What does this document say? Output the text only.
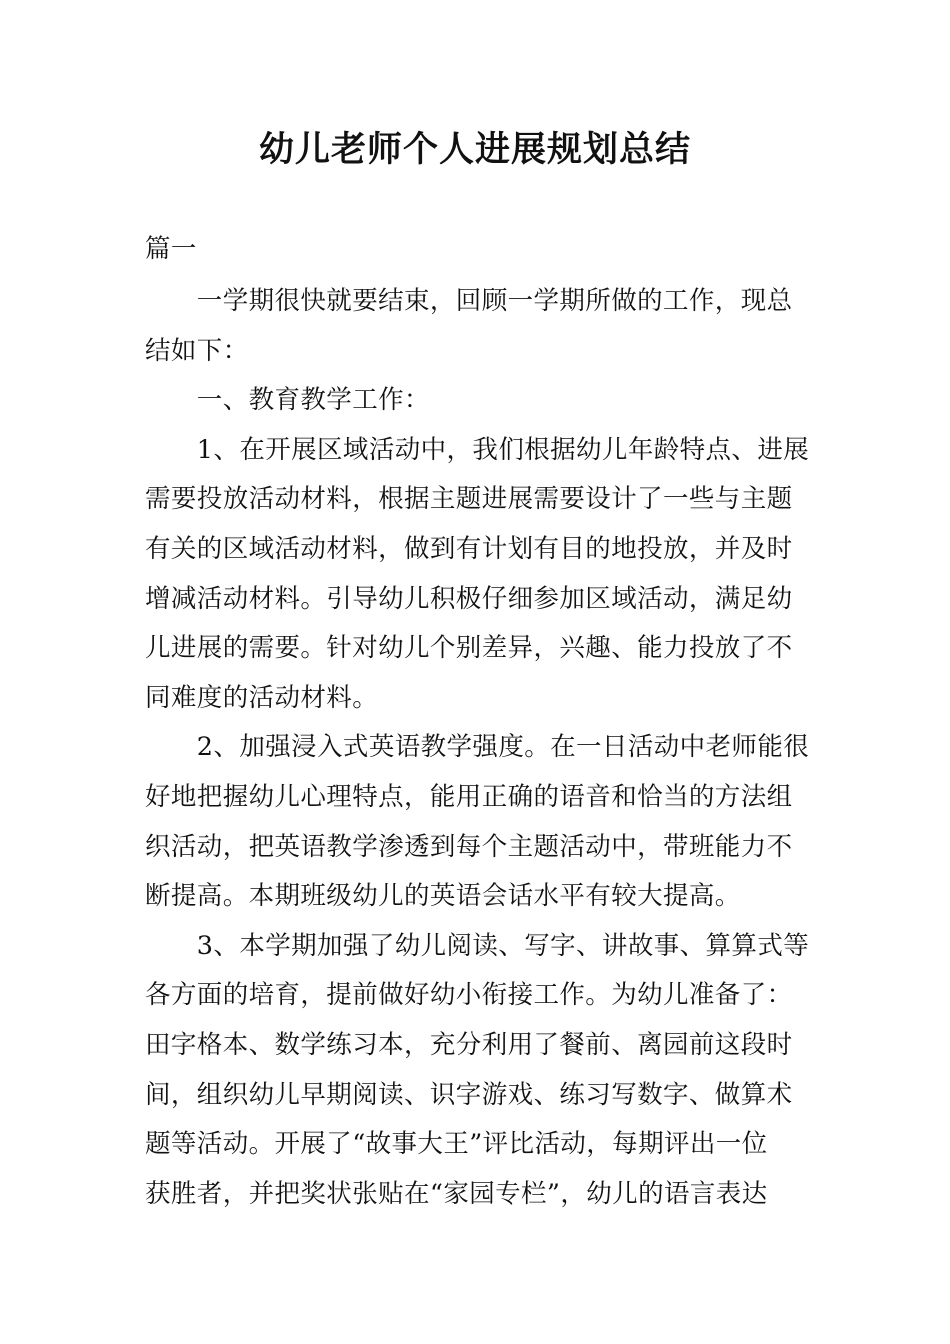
幼儿老师个人进展规划总结
篇一
　　一学期很快就要结束，回顾一学期所做的工作，现总
结如下：
　　一、教育教学工作：
　　1、在开展区域活动中，我们根据幼儿年龄特点、进展
需要投放活动材料，根据主题进展需要设计了一些与主题
有关的区域活动材料，做到有计划有目的地投放，并及时
增减活动材料。引导幼儿积极仔细参加区域活动，满足幼
儿进展的需要。针对幼儿个别差异，兴趣、能力投放了不
同难度的活动材料。
　　2、加强浸入式英语教学强度。在一日活动中老师能很
好地把握幼儿心理特点，能用正确的语音和恰当的方法组
织活动，把英语教学渗透到每个主题活动中，带班能力不
断提高。本期班级幼儿的英语会话水平有较大提高。
　　3、本学期加强了幼儿阅读、写字、讲故事、算算式等
各方面的培育，提前做好幼小衔接工作。为幼儿准备了：
田字格本、数学练习本，充分利用了餐前、离园前这段时
间，组织幼儿早期阅读、识字游戏、练习写数字、做算术
题等活动。开展了“故事大王”评比活动，每期评出一位
获胜者，并把奖状张贴在“家园专栏”，幼儿的语言表达
